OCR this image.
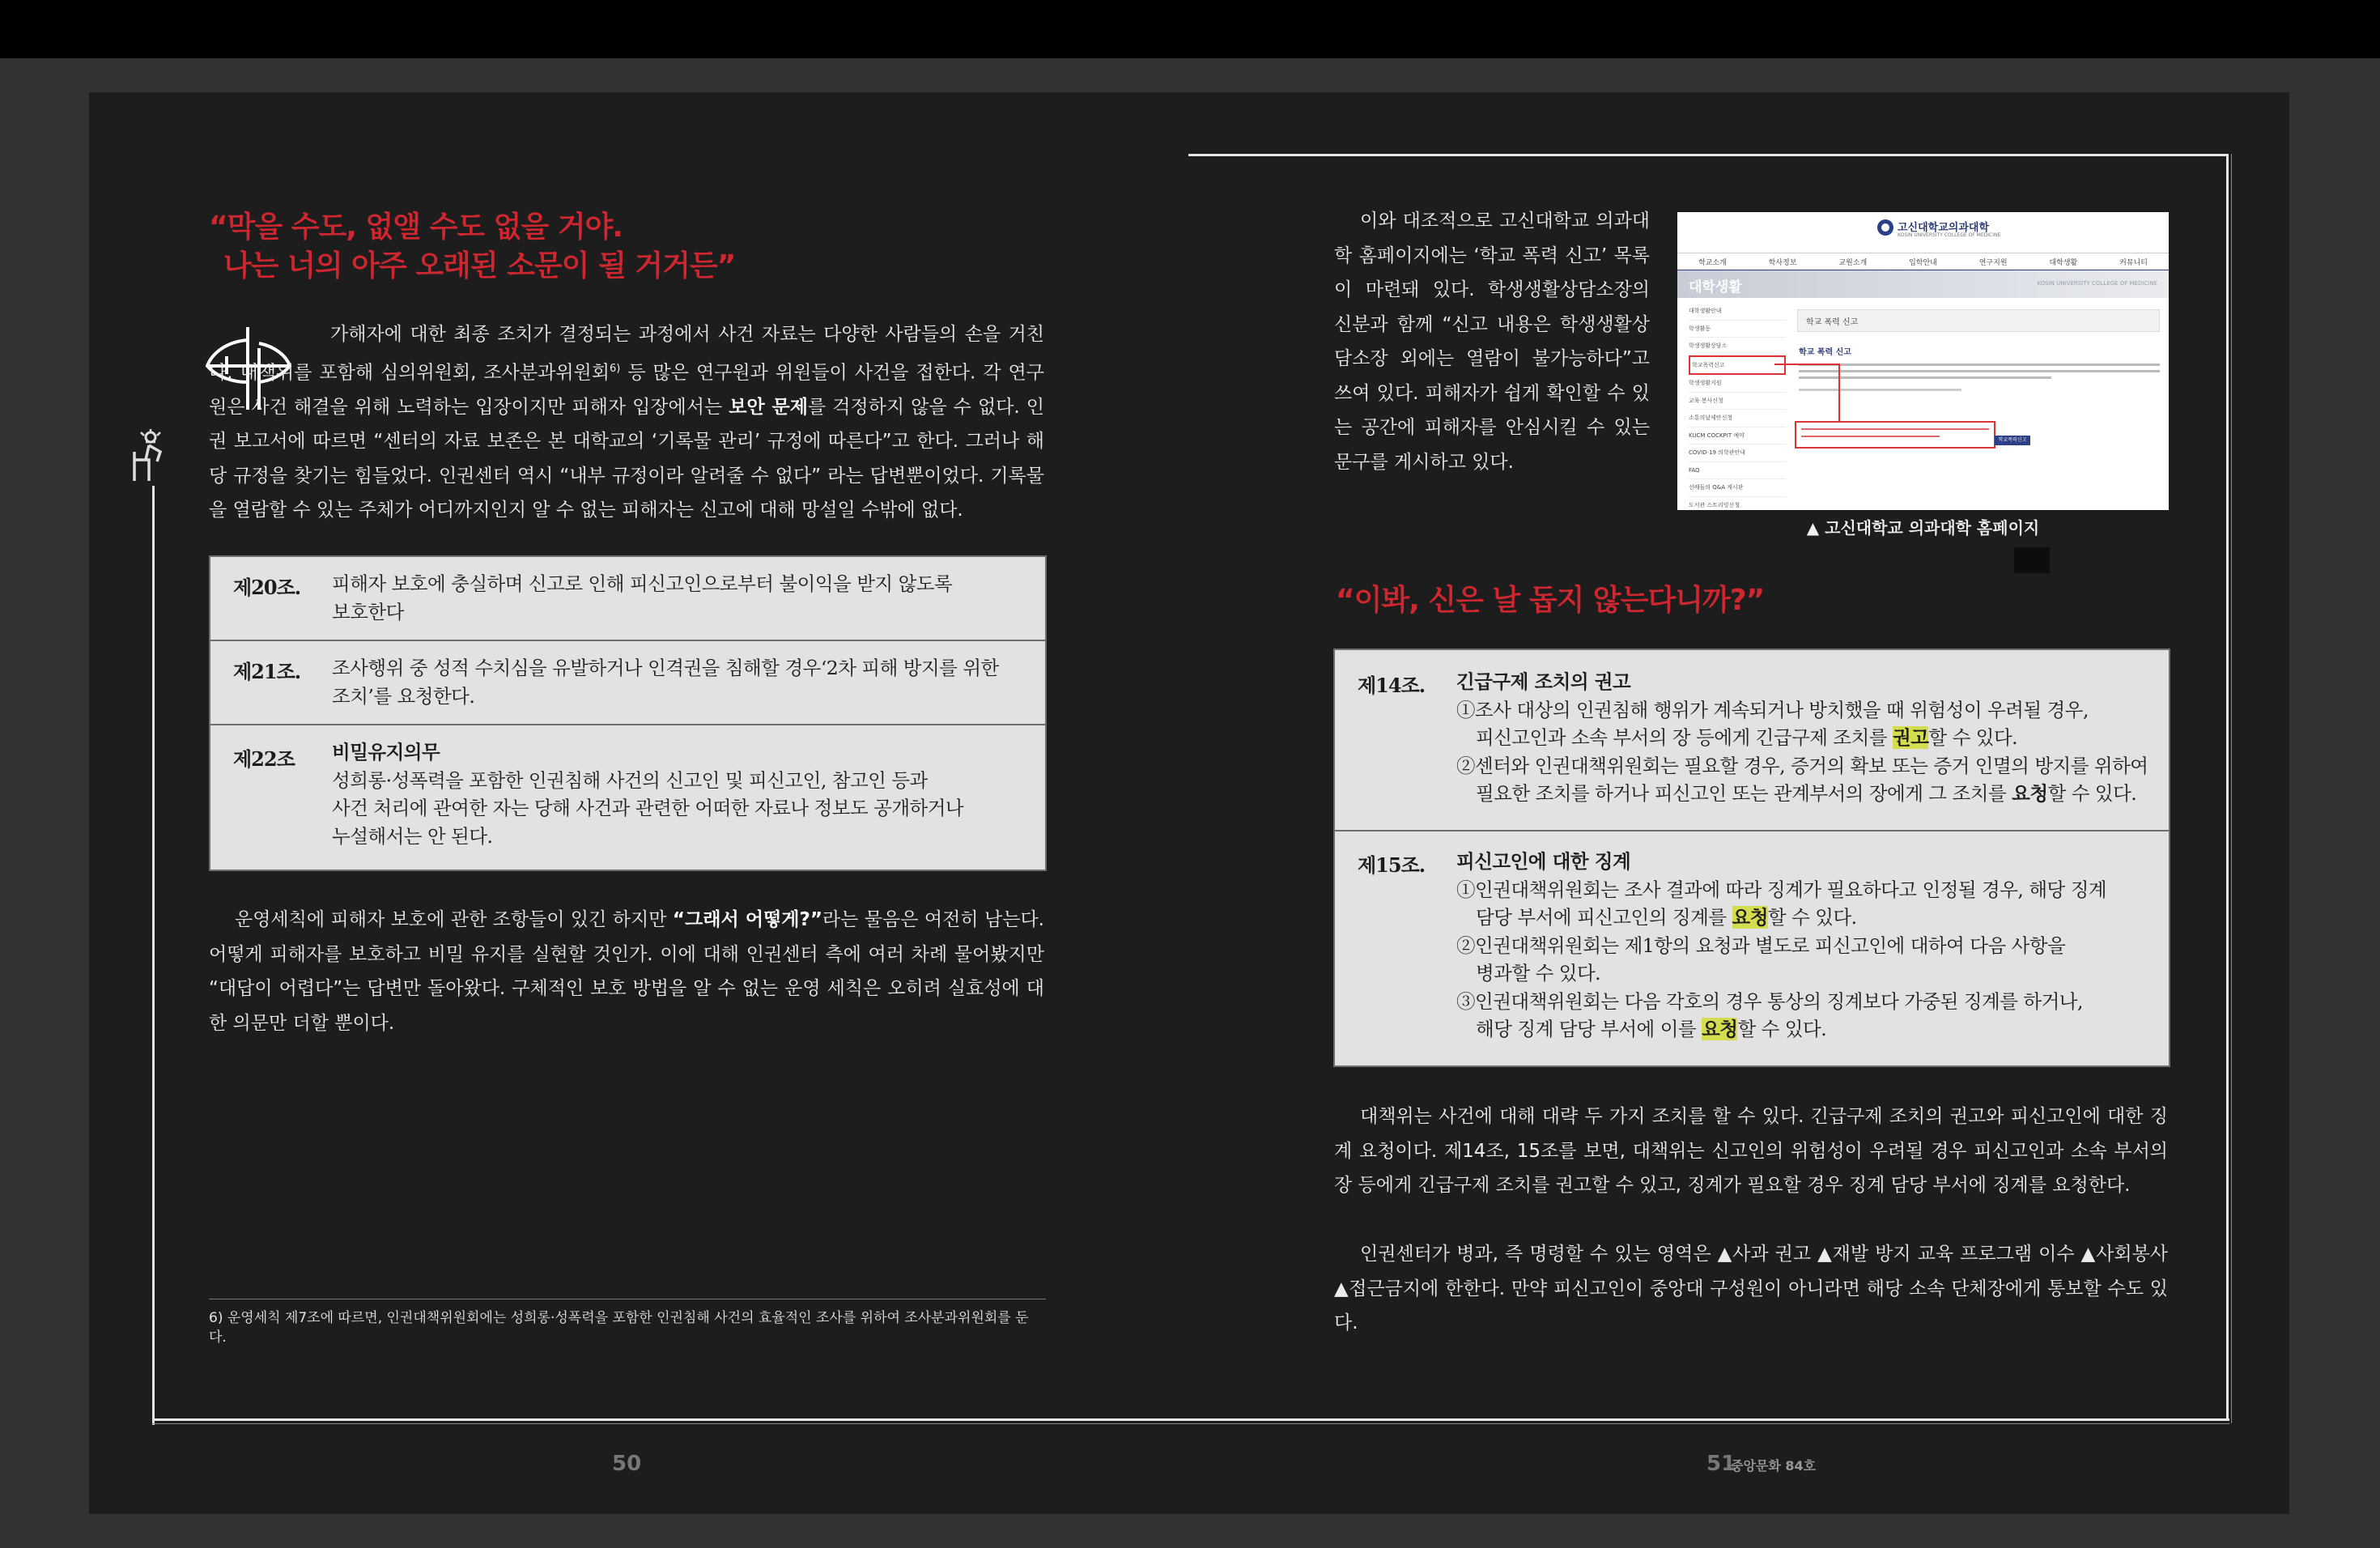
“막을 수도, 없앨 수도 없을 거야.
나는 너의 아주 오래된 소문이 될 거거든”

가해자에 대한 최종 조치가 결정되는 과정에서 사건 자료는 다양한 사람들의 손을 거친다. 대책위를 포함해 심의위원회, 조사분과위원회$^{6)}$ 등 많은 연구원과 위원들이 사건을 접한다. 각 연구원은 사건 해결을 위해 노력하는 입장이지만 피해자 입장에서는 보안 문제를 걱정하지 않을 수 없다. 인권 보고서에 따르면 “센터의 자료 보존은 본 대학교의 ‘기록물 관리’ 규정에 따른다”고 한다. 그러나 해당 규정을 찾기는 힘들었다. 인권센터 역시 “내부 규정이라 알려줄 수 없다” 라는 답변뿐이었다. 기록물을 열람할 수 있는 주체가 어디까지인지 알 수 없는 피해자는 신고에 대해 망설일 수밖에 없다.

제20조. 피해자 보호에 충실하며 신고로 인해 피신고인으로부터 불이익을 받지 않도록
보호한다
제21조. 조사행위 중 성적 수치심을 유발하거나 인격권을 침해할 경우‘2차 피해 방지를 위한
조치’를 요청한다.
제22조 비밀유지의무
성희롱·성폭력을 포함한 인권침해 사건의 신고인 및 피신고인, 참고인 등과
사건 처리에 관여한 자는 당해 사건과 관련한 어떠한 자료나 정보도 공개하거나
누설해서는 안 된다.

운영세칙에 피해자 보호에 관한 조항들이 있긴 하지만 “그래서 어떻게?”라는 물음은 여전히 남는다. 어떻게 피해자를 보호하고 비밀 유지를 실현할 것인가. 이에 대해 인권센터 측에 여러 차례 물어봤지만 “대답이 어렵다”는 답변만 돌아왔다. 구체적인 보호 방법을 알 수 없는 운영 세칙은 오히려 실효성에 대한 의문만 더할 뿐이다.

6) 운영세칙 제7조에 따르면, 인권대책위원회에는 성희롱·성폭력을 포함한 인권침해 사건의 효율적인 조사를 위하여 조사분과위원회를 둔다.

50

이와 대조적으로 고신대학교 의과대학 홈페이지에는 ‘학교 폭력 신고’ 목록이 마련돼 있다. 학생생활상담소장의 신분과 함께 “신고 내용은 학생생활상담소장 외에는 열람이 불가능하다”고 쓰여 있다. 피해자가 쉽게 확인할 수 있는 공간에 피해자를 안심시킬 수 있는 문구를 게시하고 있다.

고신대학교의과대학
KOSIN UNIVERSITY COLLEGE OF MEDICINE
학교소개	학사정보	교원소개	입학안내	연구지원	대학생활	커뮤니티
대학생활	KOSIN UNIVERSITY COLLEGE OF MEDICINE
대학생활안내
학생활동
학생생활상담소
학교폭력신고
학생생활지원
교육 봉사신청
소통의날제안신청
KUCM COCKPIT 예약
COVID-19 의학관안내
FAQ
선배들의 Q&A 게시판
도서관 스트리밍신청
학교 폭력 신고
학교 폭력 신고
학교폭력신고
▲ 고신대학교 의과대학 홈페이지
“이봐, 신은 날 돕지 않는다니까?”
제14조. 긴급구제 조치의 권고
①조사 대상의 인권침해 행위가 계속되거나 방치했을 때 위험성이 우려될 경우,
피신고인과 소속 부서의 장 등에게 긴급구제 조치를 권고할 수 있다.
②센터와 인권대책위원회는 필요할 경우, 증거의 확보 또는 증거 인멸의 방지를 위하여
필요한 조치를 하거나 피신고인 또는 관계부서의 장에게 그 조치를 요청할 수 있다.
제15조. 피신고인에 대한 징계
①인권대책위원회는 조사 결과에 따라 징계가 필요하다고 인정될 경우, 해당 징계
담당 부서에 피신고인의 징계를 요청할 수 있다.
②인권대책위원회는 제1항의 요청과 별도로 피신고인에 대하여 다음 사항을
병과할 수 있다.
③인권대책위원회는 다음 각호의 경우 통상의 징계보다 가중된 징계를 하거나,
해당 징계 담당 부서에 이를 요청할 수 있다.

대책위는 사건에 대해 대략 두 가지 조치를 할 수 있다. 긴급구제 조치의 권고와 피신고인에 대한 징계 요청이다. 제14조, 15조를 보면, 대책위는 신고인의 위험성이 우려될 경우 피신고인과 소속 부서의 장 등에게 긴급구제 조치를 권고할 수 있고, 징계가 필요할 경우 징계 담당 부서에 징계를 요청한다.

인권센터가 병과, 즉 명령할 수 있는 영역은 ▲사과 권고 ▲재발 방지 교육 프로그램 이수 ▲사회봉사 ▲접근금지에 한한다. 만약 피신고인이 중앙대 구성원이 아니라면 해당 소속 단체장에게 통보할 수도 있다.

51
중앙문화 84호
